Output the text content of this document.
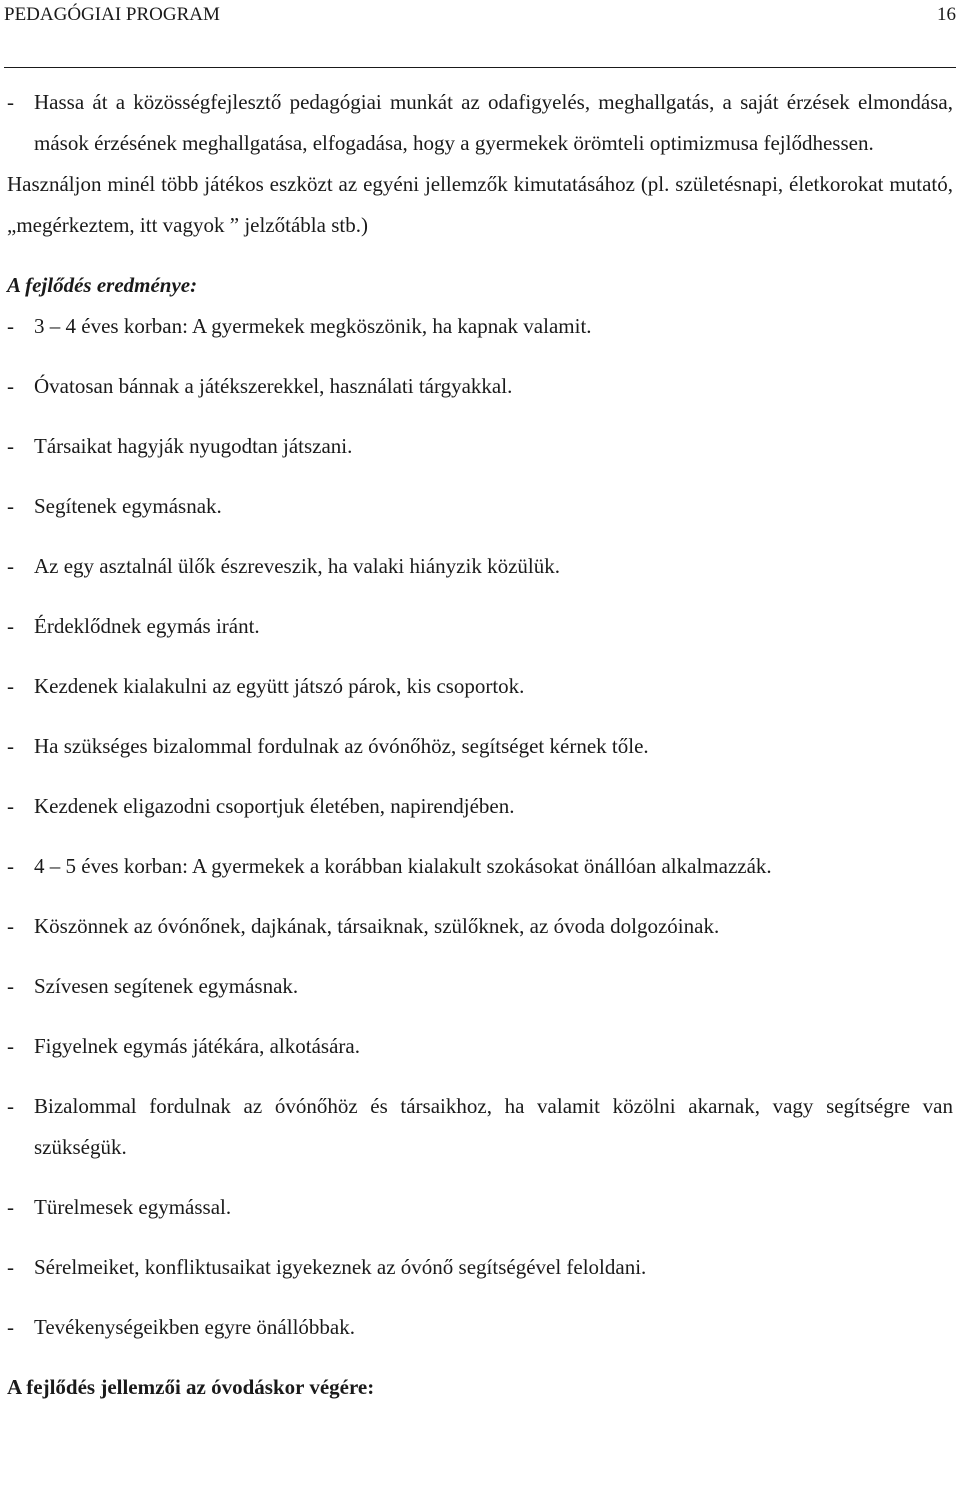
PEDAGÓGIAI PROGRAM	16
- Hassa át a közösségfejlesztő pedagógiai munkát az odafigyelés, meghallgatás, a saját érzések elmondása, mások érzésének meghallgatása, elfogadása, hogy a gyermekek örömteli optimizmusa fejlődhessen.
Használjon minél több játékos eszközt az egyéni jellemzők kimutatásához (pl. születésnapi, életkorokat mutató, „megérkeztem, itt vagyok ” jelzőtábla stb.)
A fejlődés eredménye:
- 3 – 4 éves korban: A gyermekek megköszönik, ha kapnak valamit.
- Óvatosan bánnak a játékszerekkel, használati tárgyakkal.
- Társaikat hagyják nyugodtan játszani.
- Segítenek egymásnak.
- Az egy asztalnál ülők észreveszik, ha valaki hiányzik közülük.
- Érdeklődnek egymás iránt.
- Kezdenek kialakulni az együtt játszó párok, kis csoportok.
- Ha szükséges bizalommal fordulnak az óvónőhöz, segítséget kérnek tőle.
- Kezdenek eligazodni csoportjuk életében, napirendjében.
- 4 – 5 éves korban: A gyermekek a korábban kialakult szokásokat önállóan alkalmazzák.
- Köszönnek az óvónőnek, dajkának, társaiknak, szülőknek, az óvoda dolgozóinak.
- Szívesen segítenek egymásnak.
- Figyelnek egymás játékára, alkotására.
- Bizalommal fordulnak az óvónőhöz és társaikhoz, ha valamit közölni akarnak, vagy segítségre van szükségük.
- Türelmesek egymással.
- Sérelmeiket, konfliktusaikat igyekeznek az óvónő segítségével feloldani.
- Tevékenységeikben egyre önállóbbak.
A fejlődés jellemzői az óvodáskor végére:
